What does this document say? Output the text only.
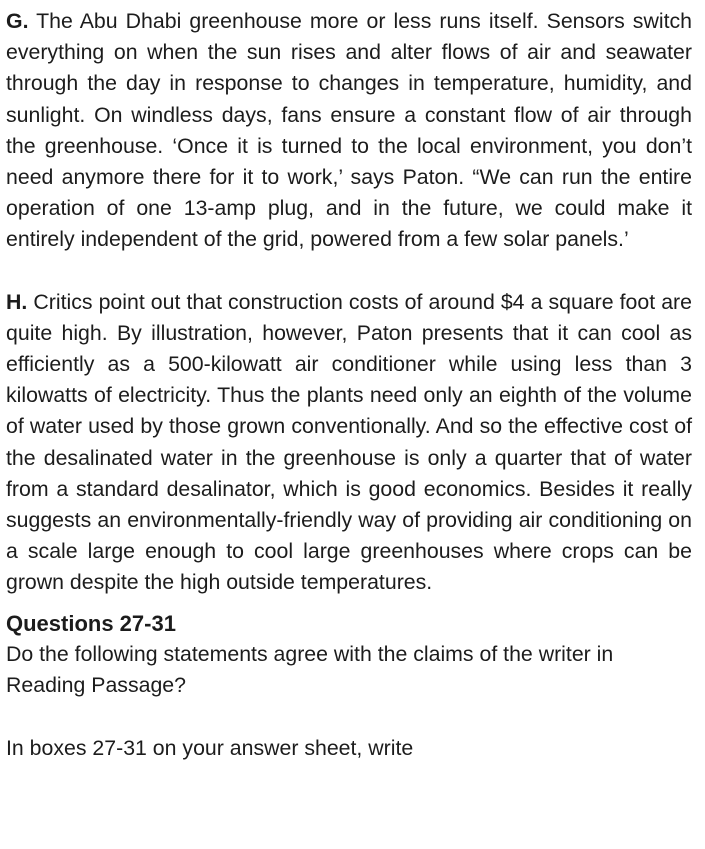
G. The Abu Dhabi greenhouse more or less runs itself. Sensors switch everything on when the sun rises and alter flows of air and seawater through the day in response to changes in temperature, humidity, and sunlight. On windless days, fans ensure a constant flow of air through the greenhouse. ‘Once it is turned to the local environment, you don’t need anymore there for it to work,’ says Paton. “We can run the entire operation of one 13-amp plug, and in the future, we could make it entirely independent of the grid, powered from a few solar panels.’

H. Critics point out that construction costs of around $4 a square foot are quite high. By illustration, however, Paton presents that it can cool as efficiently as a 500-kilowatt air conditioner while using less than 3 kilowatts of electricity. Thus the plants need only an eighth of the volume of water used by those grown conventionally. And so the effective cost of the desalinated water in the greenhouse is only a quarter that of water from a standard desalinator, which is good economics. Besides it really suggests an environmentally-friendly way of providing air conditioning on a scale large enough to cool large greenhouses where crops can be grown despite the high outside temperatures.

Questions 27-31

Do the following statements agree with the claims of the writer in Reading Passage?

In boxes 27-31 on your answer sheet, write
